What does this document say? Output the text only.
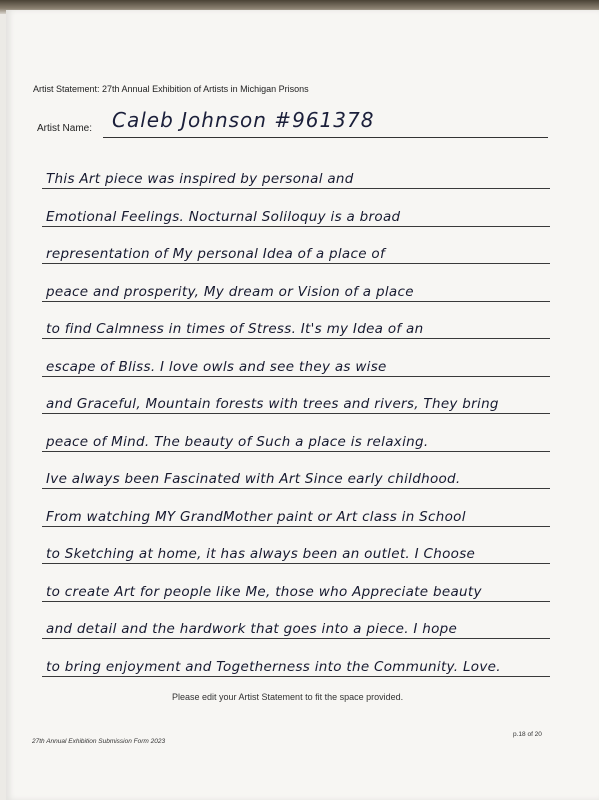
Artist Statement: 27th Annual Exhibition of Artists in Michigan Prisons
Artist Name: Caleb Johnson #961378
This Art piece was inspired by personal and
Emotional Feelings. Nocturnal Soliloquy is a broad
representation of My personal Idea of a place of
peace and prosperity, My dream or Vision of a place
to find Calmness in times of Stress. It's my Idea of an
escape of Bliss. I love owls and see they as wise
and Graceful, Mountain forests with trees and rivers, They bring
peace of Mind. The beauty of Such a place is relaxing.
Ive always been Fascinated with Art Since early childhood.
From watching MY GrandMother paint or Art class in School
to Sketching at home, it has always been an outlet. I Choose
to create Art for people like Me, those who Appreciate beauty
and detail and the hardwork that goes into a piece. I hope
to bring enjoyment and Togetherness into the Community. Love.
Please edit your Artist Statement to fit the space provided.
27th Annual Exhibition Submission Form 2023
p.18 of 20
